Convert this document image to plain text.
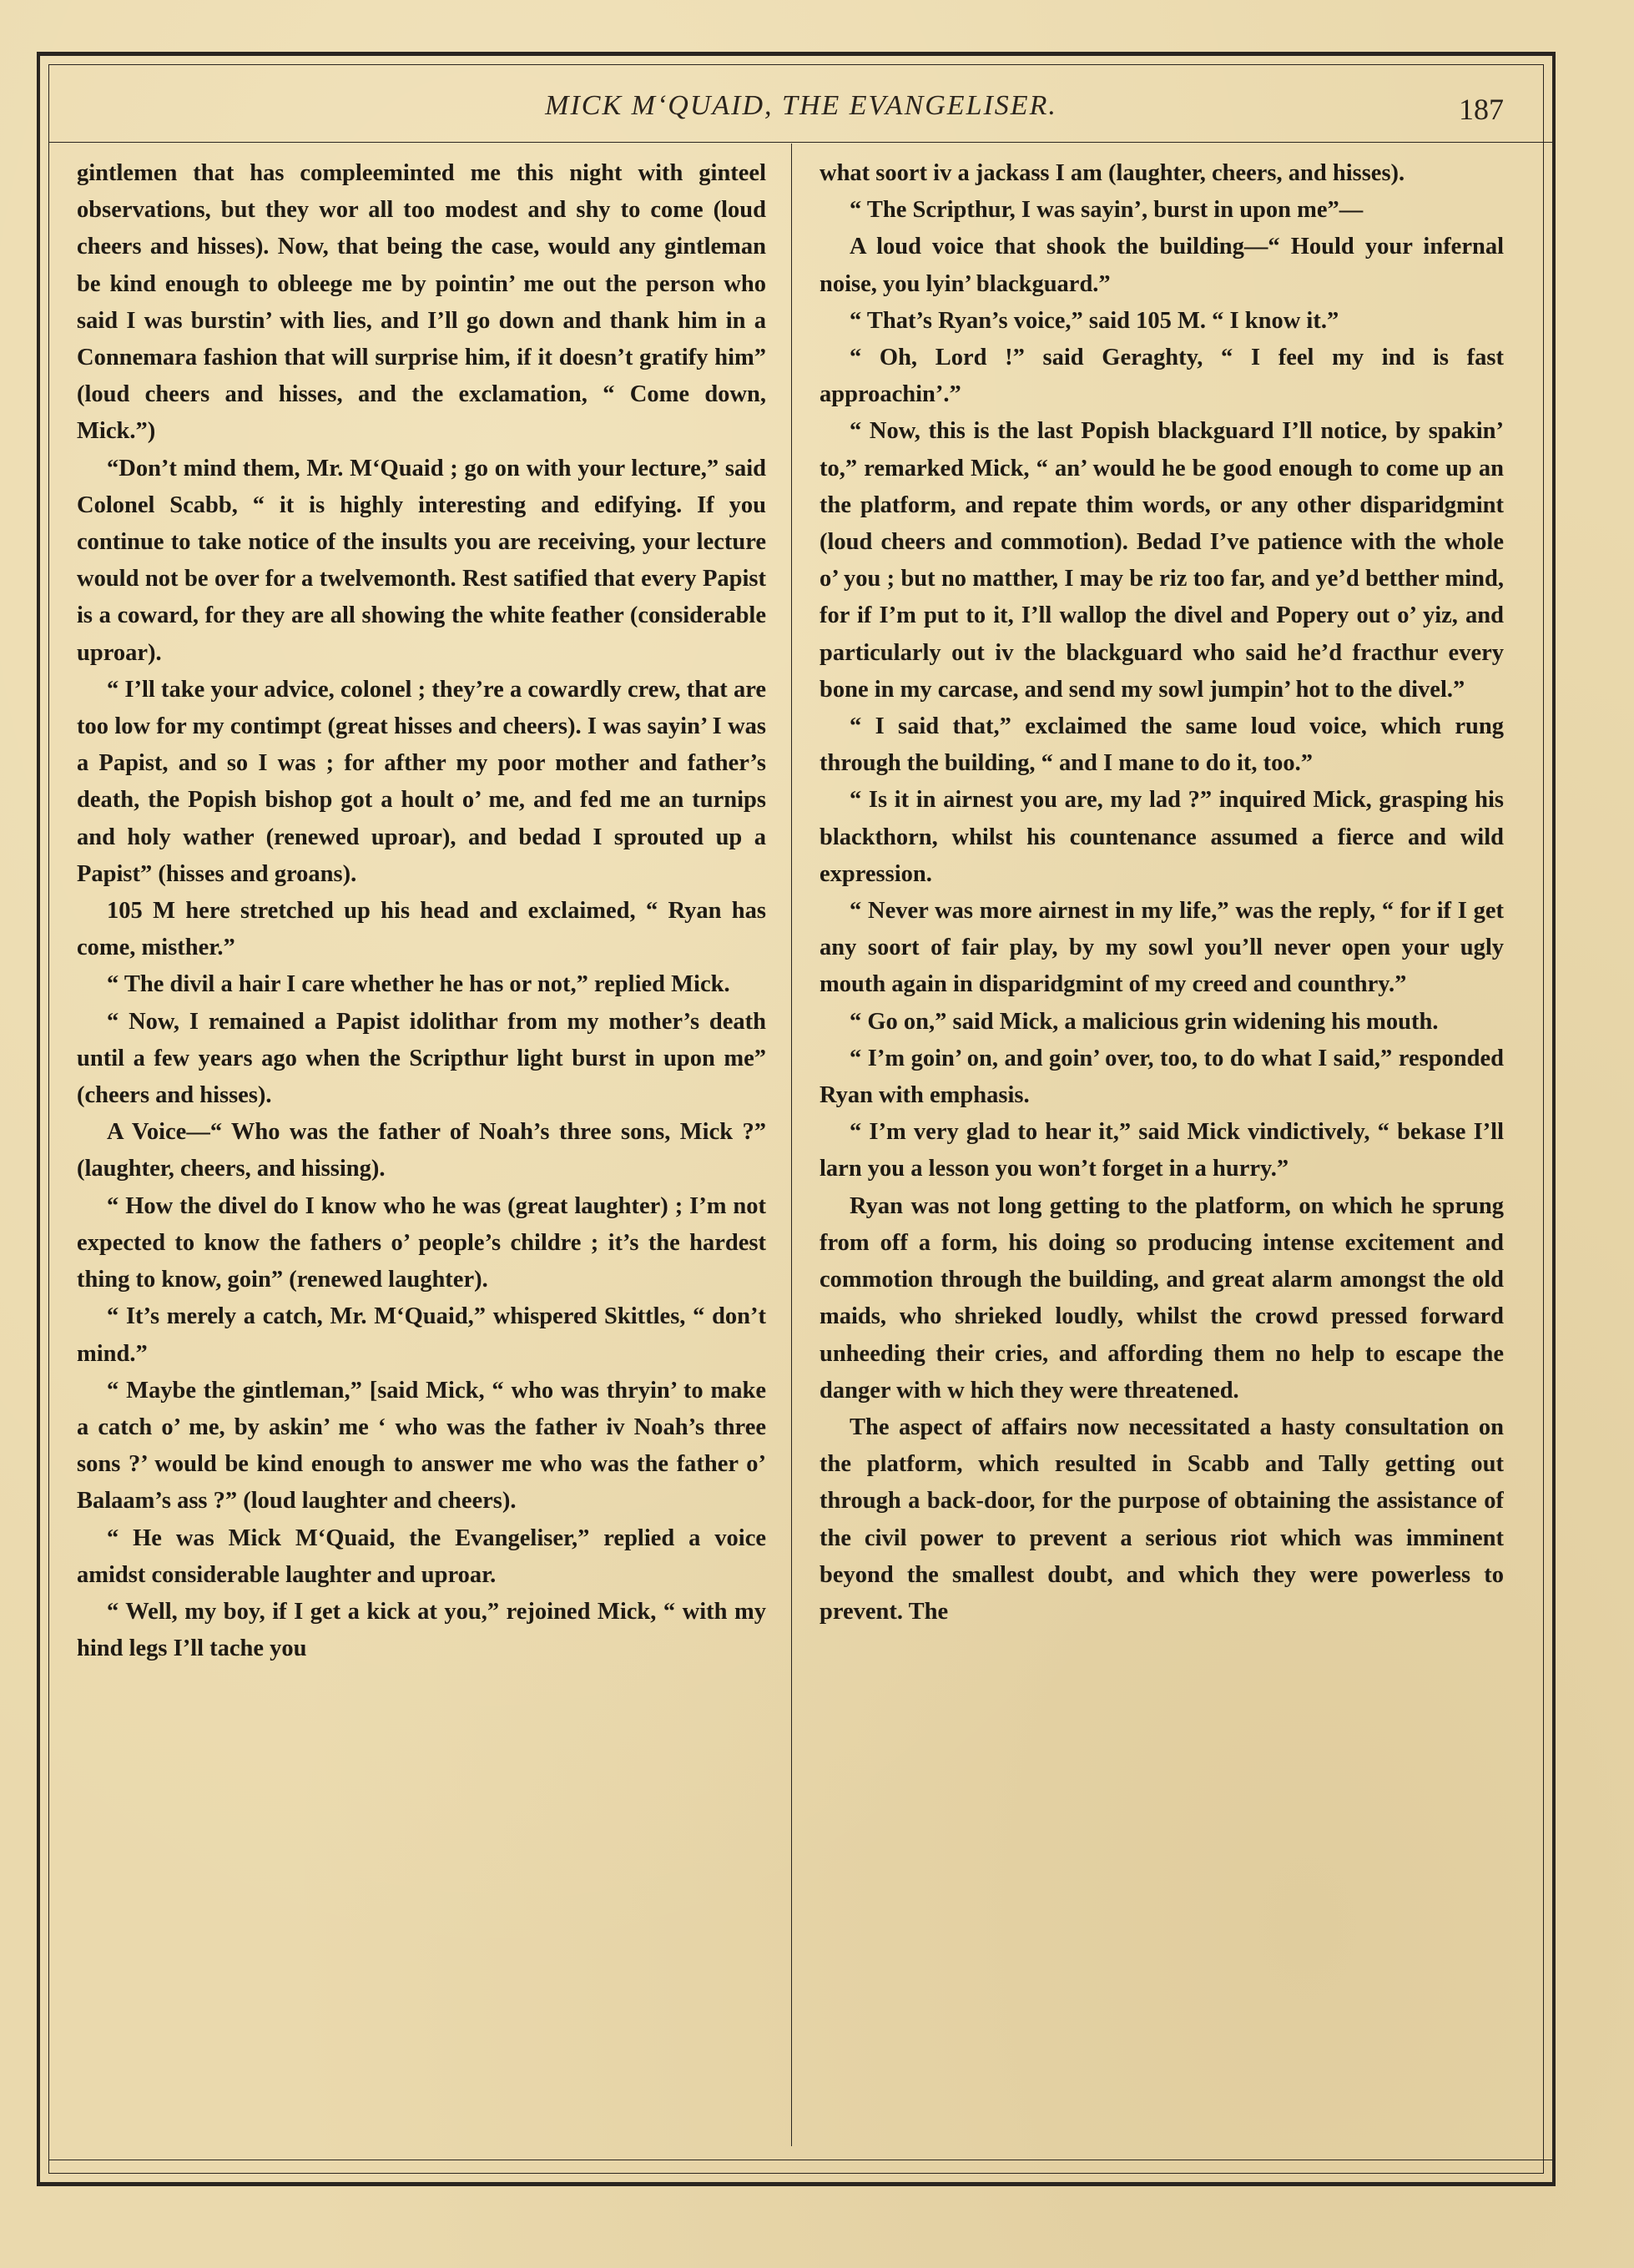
MICK M‘QUAID, THE EVANGELISER.	187

gintlemen that has compleeminted me this night with ginteel observations, but they wor all too modest and shy to come (loud cheers and hisses). Now, that being the case, would any gintleman be kind enough to obleege me by pointin’ me out the person who said I was burstin’ with lies, and I’ll go down and thank him in a Connemara fashion that will surprise him, if it doesn’t gratify him” (loud cheers and hisses, and the exclamation, “ Come down, Mick.”)

“Don’t mind them, Mr. M‘Quaid ; go on with your lecture,” said Colonel Scabb, “ it is highly interesting and edifying. If you continue to take notice of the insults you are receiving, your lecture would not be over for a twelvemonth. Rest satified that every Papist is a coward, for they are all showing the white feather (considerable uproar).

“ I’ll take your advice, colonel ; they’re a cowardly crew, that are too low for my contimpt (great hisses and cheers). I was sayin’ I was a Papist, and so I was ; for afther my poor mother and father’s death, the Popish bishop got a hoult o’ me, and fed me an turnips and holy wather (renewed uproar), and bedad I sprouted up a Papist” (hisses and groans).

105 M here stretched up his head and exclaimed, “ Ryan has come, misther.”

“ The divil a hair I care whether he has or not,” replied Mick.

“ Now, I remained a Papist idolithar from my mother’s death until a few years ago when the Scripthur light burst in upon me” (cheers and hisses).

A Voice—“ Who was the father of Noah’s three sons, Mick ?” (laughter, cheers, and hissing).

“ How the divel do I know who he was (great laughter) ; I’m not expected to know the fathers o’ people’s childre ; it’s the hardest thing to know, goin” (renewed laughter).

“ It’s merely a catch, Mr. M‘Quaid,” whispered Skittles, “ don’t mind.”

“ Maybe the gintleman,” [said Mick, “ who was thryin’ to make a catch o’ me, by askin’ me ‘ who was the father iv Noah’s three sons ?’ would be kind enough to answer me who was the father o’ Balaam’s ass ?” (loud laughter and cheers).

“ He was Mick M‘Quaid, the Evangeliser,” replied a voice amidst considerable laughter and uproar.

“ Well, my boy, if I get a kick at you,” rejoined Mick, “ with my hind legs I’ll tache you

what soort iv a jackass I am (laughter, cheers, and hisses).

“ The Scripthur, I was sayin’, burst in upon me”—

A loud voice that shook the building—“ Hould your infernal noise, you lyin’ blackguard.”

“ That’s Ryan’s voice,” said 105 M. “ I know it.”

“ Oh, Lord !” said Geraghty, “ I feel my ind is fast approachin’.”

“ Now, this is the last Popish blackguard I’ll notice, by spakin’ to,” remarked Mick, “ an’ would he be good enough to come up an the platform, and repate thim words, or any other disparidgmint (loud cheers and commotion). Bedad I’ve patience with the whole o’ you ; but no matther, I may be riz too far, and ye’d betther mind, for if I’m put to it, I’ll wallop the divel and Popery out o’ yiz, and particularly out iv the blackguard who said he’d fracthur every bone in my carcase, and send my sowl jumpin’ hot to the divel.”

“ I said that,” exclaimed the same loud voice, which rung through the building, “ and I mane to do it, too.”

“ Is it in airnest you are, my lad ?” inquired Mick, grasping his blackthorn, whilst his countenance assumed a fierce and wild expression.

“ Never was more airnest in my life,” was the reply, “ for if I get any soort of fair play, by my sowl you’ll never open your ugly mouth again in disparidgmint of my creed and counthry.”

“ Go on,” said Mick, a malicious grin widening his mouth.

“ I’m goin’ on, and goin’ over, too, to do what I said,” responded Ryan with emphasis.

“ I’m very glad to hear it,” said Mick vindictively, “ bekase I’ll larn you a lesson you won’t forget in a hurry.”

Ryan was not long getting to the platform, on which he sprung from off a form, his doing so producing intense excitement and commotion through the building, and great alarm amongst the old maids, who shrieked loudly, whilst the crowd pressed forward unheeding their cries, and affording them no help to escape the danger with w hich they were threatened.

The aspect of affairs now necessitated a hasty consultation on the platform, which resulted in Scabb and Tally getting out through a back-door, for the purpose of obtaining the assistance of the civil power to prevent a serious riot which was imminent beyond the smallest doubt, and which they were powerless to prevent. The
